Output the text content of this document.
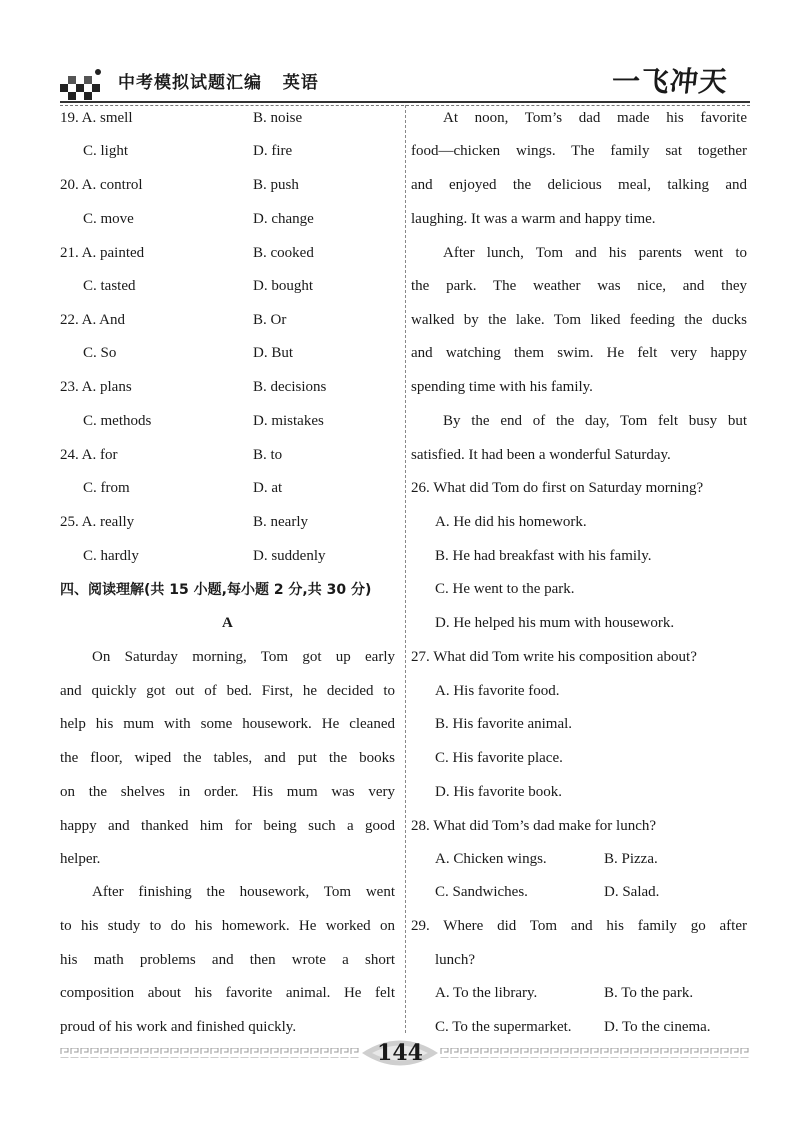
中考模拟试题汇编   英语	一飞冲天
19. A. smell	B. noise
C. light	D. fire
20. A. control	B. push
C. move	D. change
21. A. painted	B. cooked
C. tasted	D. bought
22. A. And	B. Or
C. So	D. But
23. A. plans	B. decisions
C. methods	D. mistakes
24. A. for	B. to
C. from	D. at
25. A. really	B. nearly
C. hardly	D. suddenly
四、阅读理解(共 15 小题,每小题 2 分,共 30 分)
A
On Saturday morning, Tom got up early
and quickly got out of bed. First, he decided to
help his mum with some housework. He cleaned
the floor, wiped the tables, and put the books
on the shelves in order. His mum was very
happy and thanked him for being such a good
helper.
After finishing the housework, Tom went
to his study to do his homework. He worked on
his math problems and then wrote a short
composition about his favorite animal. He felt
proud of his work and finished quickly.
At noon, Tom’s dad made his favorite
food—chicken wings. The family sat together
and enjoyed the delicious meal, talking and
laughing. It was a warm and happy time.
After lunch, Tom and his parents went to
the park. The weather was nice, and they
walked by the lake. Tom liked feeding the ducks
and watching them swim. He felt very happy
spending time with his family.
By the end of the day, Tom felt busy but
satisfied. It had been a wonderful Saturday.
26. What did Tom do first on Saturday morning?
A. He did his homework.
B. He had breakfast with his family.
C. He went to the park.
D. He helped his mum with housework.
27. What did Tom write his composition about?
A. His favorite food.
B. His favorite animal.
C. His favorite place.
D. His favorite book.
28. What did Tom’s dad make for lunch?
A. Chicken wings.	B. Pizza.
C. Sandwiches.	D. Salad.
29. Where did Tom and his family go after
lunch?
A. To the library.	B. To the park.
C. To the supermarket. D. To the cinema.
144
